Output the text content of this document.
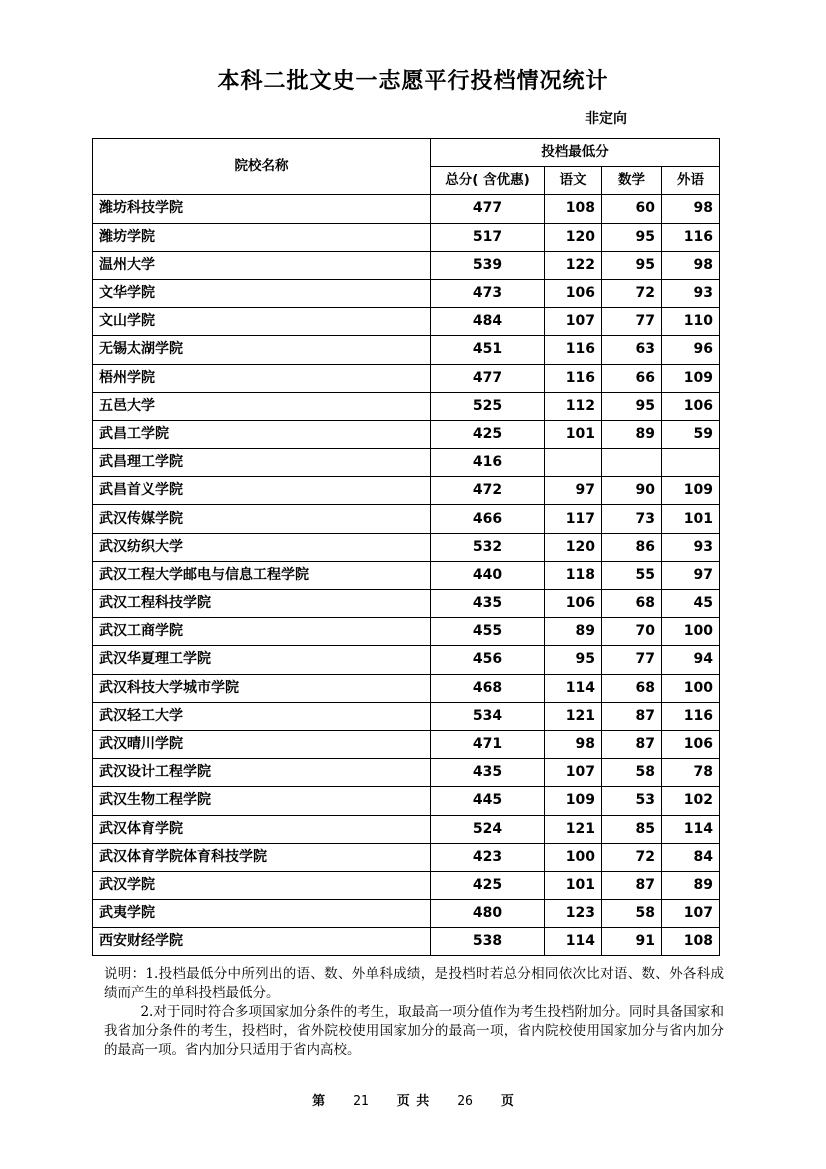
本科二批文史一志愿平行投档情况统计
非定向
院校名称	投档最低分			
	总分( 含优惠)	语文	数学	外语
潍坊科技学院	477	108	60	98
潍坊学院	517	120	95	116
温州大学	539	122	95	98
文华学院	473	106	72	93
文山学院	484	107	77	110
无锡太湖学院	451	116	63	96
梧州学院	477	116	66	109
五邑大学	525	112	95	106
武昌工学院	425	101	89	59
武昌理工学院	416			
武昌首义学院	472	97	90	109
武汉传媒学院	466	117	73	101
武汉纺织大学	532	120	86	93
武汉工程大学邮电与信息工程学院	440	118	55	97
武汉工程科技学院	435	106	68	45
武汉工商学院	455	89	70	100
武汉华夏理工学院	456	95	77	94
武汉科技大学城市学院	468	114	68	100
武汉轻工大学	534	121	87	116
武汉晴川学院	471	98	87	106
武汉设计工程学院	435	107	58	78
武汉生物工程学院	445	109	53	102
武汉体育学院	524	121	85	114
武汉体育学院体育科技学院	423	100	72	84
武汉学院	425	101	87	89
武夷学院	480	123	58	107
西安财经学院	538	114	91	108

说明：1.投档最低分中所列出的语、数、外单科成绩，是投档时若总分相同依次比对语、数、外各科成绩而产生的单科投档最低分。

2.对于同时符合多项国家加分条件的考生，取最高一项分值作为考生投档附加分。同时具备国家和我省加分条件的考生，投档时，省外院校使用国家加分的最高一项，省内院校使用国家加分与省内加分的最高一项。省内加分只适用于省内高校。

第 21 页 共 26 页
